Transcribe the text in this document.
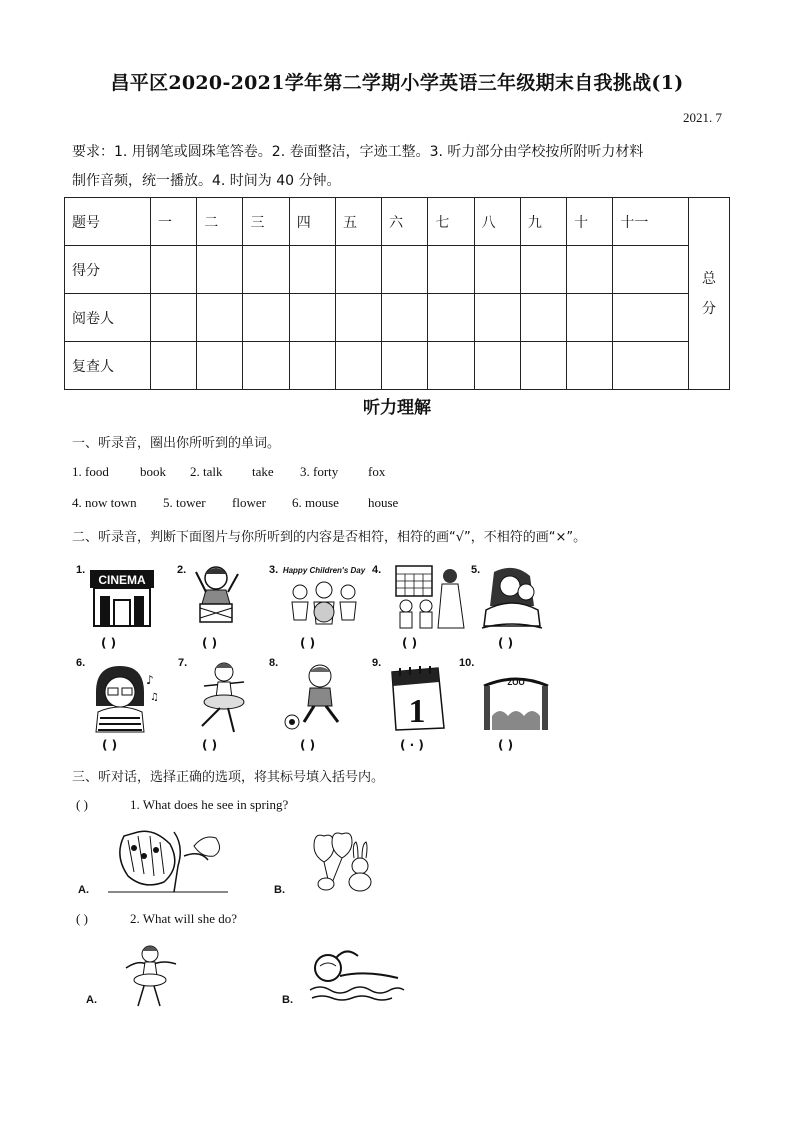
昌平区2020-2021学年第二学期小学英语三年级期末自我挑战(1)
2021. 7
要求：1. 用钢笔或圆珠笔答卷。2. 卷面整洁，字迹工整。3. 听力部分由学校按所附听力材料
制作音频，统一播放。4. 时间为 40 分钟。
题号	一	二	三	四	五	六	七	八	九	十	十一	总
分

得分												
阅卷人												
复查人												
听力理解
一、听录音，圈出你所听到的单词。
1. food book 2. talk take 3. forty fox
4. now town 5. tower flower 6. mouse house
二、听录音，判断下面图片与你所听到的内容是否相符，相符的画“√”，不相符的画“×”。
1.
CINEMA
( )
2.
( )
3. Happy Children's Day
( )
4.
( )
5.
( )
6.
♪
♫
( )
7.
( )
8.
( )
9.
1
( · )
10.
ZOO
( )
三、听对话，选择正确的选项，将其标号填入括号内。
( )	1. What does he see in spring?
A.	B.
( )	2. What will she do?
A.	B.
